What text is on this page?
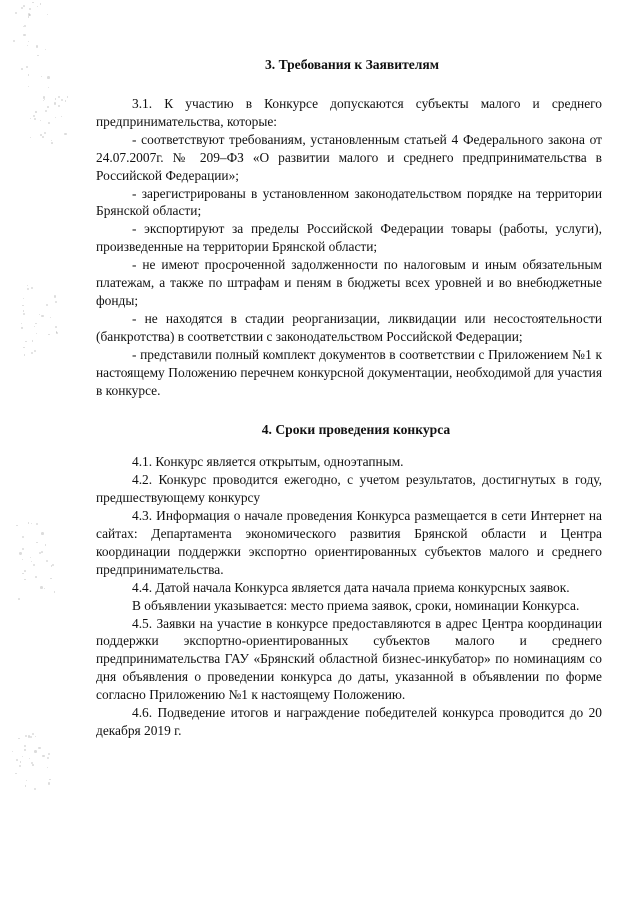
3. Требования к Заявителям

3.1. К участию в Конкурсе допускаются субъекты малого и среднего предпринимательства, которые:

- соответствуют требованиям, установленным статьей 4 Федерального закона от 24.07.2007г. № 209–ФЗ «О развитии малого и среднего предпринимательства в Российской Федерации»;

- зарегистрированы в установленном законодательством порядке на территории Брянской области;

- экспортируют за пределы Российской Федерации товары (работы, услуги), произведенные на территории Брянской области;

- не имеют просроченной задолженности по налоговым и иным обязательным платежам, а также по штрафам и пеням в бюджеты всех уровней и во внебюджетные фонды;

- не находятся в стадии реорганизации, ликвидации или несостоятельности (банкротства) в соответствии с законодательством Российской Федерации;

- представили полный комплект документов в соответствии с Приложением №1 к настоящему Положению перечнем конкурсной документации, необходимой для участия в конкурсе.

4. Сроки проведения конкурса

4.1. Конкурс является открытым, одноэтапным.

4.2. Конкурс проводится ежегодно, с учетом результатов, достигнутых в году, предшествующему конкурсу

4.3. Информация о начале проведения Конкурса размещается в сети Интернет на сайтах: Департамента экономического развития Брянской области и Центра координации поддержки экспортно ориентированных субъектов малого и среднего предпринимательства.

4.4. Датой начала Конкурса является дата начала приема конкурсных заявок.

В объявлении указывается: место приема заявок, сроки, номинации Конкурса.

4.5. Заявки на участие в конкурсе предоставляются в адрес Центра координации поддержки экспортно-ориентированных субъектов малого и среднего предпринимательства ГАУ «Брянский областной бизнес-инкубатор» по номинациям со дня объявления о проведении конкурса до даты, указанной в объявлении по форме согласно Приложению №1 к настоящему Положению.

4.6. Подведение итогов и награждение победителей конкурса проводится до 20 декабря 2019 г.
